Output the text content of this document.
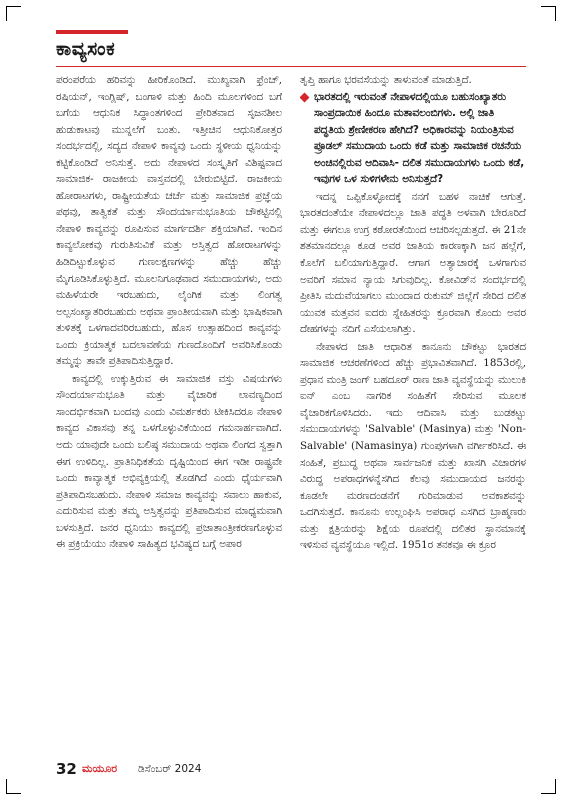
ಕಾವ್ಯಸಂಕ

ಪರಂಪರೆಯ ಹರಿವನ್ನು ಹೀರಿಕೊಂಡಿದೆ. ಮುಖ್ಯವಾಗಿ ಫ್ರೆಂಚ್, ರಷಿಯನ್, ಇಂಗ್ಲಿಷ್, ಬಂಗಾಳಿ ಮತ್ತು ಹಿಂದಿ ಮೂಲಗಳಿಂದ ಬಗೆ ಬಗೆಯ ಆಧುನಿಕ ಸಿದ್ಧಾಂತಗಳಿಂದ ಪ್ರೇರಿತವಾದ ಸೃಜನಶೀಲ ಹುಡುಕಾಟವು ಮುನ್ನಲೆಗೆ ಬಂತು. ಇತ್ತೀಚಿನ ಆಧುನಿಕೋತ್ತರ ಸಂದರ್ಭದಲ್ಲಿ, ಸದ್ಯದ ನೇಪಾಳಿ ಕಾವ್ಯವು ಒಂದು ಸ್ಥಳೀಯ ಧ್ವನಿಯನ್ನು ಕಟ್ಟಿಕೊಂಡಿದೆ ಅನಿಸುತ್ತೆ. ಅದು ನೇಪಾಳದ ಸಂಸ್ಕೃತಿಗೆ ವಿಶಿಷ್ಟವಾದ ಸಾಮಾಜಿಕ- ರಾಜಕೀಯ ವಾಸ್ತವದಲ್ಲಿ ಬೇರುಬಿಟ್ಟಿದೆ. ರಾಜಕೀಯ ಹೋರಾಟಗಳು, ರಾಷ್ಟ್ರೀಯತೆಯ ಚರ್ಚೆ ಮತ್ತು ಸಾಮಾಜಿಕ ಪ್ರಜ್ಞೆಯ ಪಥವು, ತಾತ್ವಿಕತೆ ಮತ್ತು ಸೌಂದರ್ಯಾನುಭೂತಿಯ ಚೌಕಟ್ಟಿನಲ್ಲಿ ನೇಪಾಳಿ ಕಾವ್ಯವನ್ನು ರೂಪಿಸುವ ಮಾರ್ಗದರ್ಶಿ ಶಕ್ತಿಯಾಗಿವೆ. ಇಂದಿನ ಕಾವ್ಯಲೋಕವು ಗುರುತಿಸುವಿಕೆ ಮತ್ತು ಅಸ್ತಿತ್ವದ ಹೋರಾಟಗಳನ್ನು ಹಿಡಿದಿಟ್ಟುಕೊಳ್ಳುವ ಗುಣಲಕ್ಷಣಗಳನ್ನು ಹೆಚ್ಚು ಹೆಚ್ಚು ಮೈಗೂಡಿಸಿಕೊಳ್ಳುತ್ತಿದೆ. ಮೂಲನಿಗೂಢವಾದ ಸಮುದಾಯಗಳು, ಅದು ಮಹಿಳೆಯರೇ ಇರಬಹುದು, ಲೈಂಗಿಕ ಮತ್ತು ಲಿಂಗತ್ವ ಅಲ್ಪಸಂಖ್ಯಾತರಿರಬಹುದು ಅಥವಾ ಪ್ರಾಂತೀಯವಾಗಿ ಮತ್ತು ಭಾಷಿಕವಾಗಿ ತುಳಿತಕ್ಕೆ ಒಳಗಾದವರಿರಬಹುದು, ಹೊಸ ಉತ್ಸಾಹದಿಂದ ಕಾವ್ಯವನ್ನು ಒಂದು ಕ್ರಿಯಾತ್ಮಕ ಬದಲಾವಣೆಯ ಗುಣದೊಂದಿಗೆ ಅವರಿಸಿಕೊಂಡು ತಮ್ಮನ್ನು ತಾವೇ ಪ್ರತಿಪಾದಿಸುತ್ತಿದ್ದಾರೆ.

ಕಾವ್ಯದಲ್ಲಿ ಉಕ್ಕುತ್ತಿರುವ ಈ ಸಾಮಾಜಿಕ ವಸ್ತು ವಿಷಯಗಳು ಸೌಂದರ್ಯಾನುಭೂತಿ ಮತ್ತು ವೈಚಾರಿಕ ಲಾವಣ್ಯದಿಂದ ಸಾಂದರ್ಭಿಕವಾಗಿ ಬಂದವು ಎಂದು ವಿಮರ್ಶಕರು ಟೀಕಿಸಿದರೂ ನೇಪಾಳಿ ಕಾವ್ಯದ ವಿಕಾಸವು ತನ್ನ ಒಳಗೊಳ್ಳುವಿಕೆಯಿಂದ ಗಮನಾರ್ಹವಾಗಿದೆ. ಅದು ಯಾವುದೇ ಒಂದು ಬಲಿಷ್ಠ ಸಮುದಾಯ ಅಥವಾ ಲಿಂಗದ ಸ್ವತ್ತಾಗಿ ಈಗ ಉಳಿದಿಲ್ಲ. ಪ್ರಾತಿನಿಧಿಕತೆಯ ದೃಷ್ಟಿಯಿಂದ ಈಗ ಇಡೀ ರಾಷ್ಟ್ರವೇ ಒಂದು ಕಾವ್ಯಾತ್ಮಕ ಅಭಿವ್ಯಕ್ತಿಯಲ್ಲಿ ತೊಡಗಿದೆ ಎಂದು ಧೈರ್ಯವಾಗಿ ಪ್ರತಿಪಾದಿಸಬಹುದು. ನೇಪಾಳಿ ಸಮಾಜ ಕಾವ್ಯವನ್ನು ಸವಾಲು ಹಾಕುವ, ಎದುರಿಸುವ ಮತ್ತು ತಮ್ಮ ಅಸ್ತಿತ್ವವನ್ನು ಪ್ರತಿಪಾದಿಸುವ ಮಾಧ್ಯಮವಾಗಿ ಬಳಸುತ್ತಿದೆ. ಜನರ ಧ್ವನಿಯು ಕಾವ್ಯದಲ್ಲಿ ಪ್ರಜಾತಾಂತ್ರೀಕರಣಗೊಳ್ಳುವ ಈ ಪ್ರಕ್ರಿಯೆಯು ನೇಪಾಳಿ ಸಾಹಿತ್ಯದ ಭವಿಷ್ಯದ ಬಗ್ಗೆ ಅಪಾರ

ತೃಪ್ತಿ ಹಾಗೂ ಭರವಸೆಯನ್ನು ತಾಳುವಂತೆ ಮಾಡುತ್ತಿದೆ.

ಭಾರತದಲ್ಲಿ ಇರುವಂತೆ ನೇಪಾಳದಲ್ಲಿಯೂ ಬಹುಸಂಖ್ಯಾತರು ಸಾಂಪ್ರದಾಯಿಕ ಹಿಂದೂ ಮತಾವಲಂಬಿಗಳು. ಅಲ್ಲಿ ಜಾತಿ ಪದ್ಧತಿಯ ಶ್ರೇಣೀಕರಣ ಹೇಗಿದೆ? ಅಧಿಕಾರವನ್ನು ನಿಯಂತ್ರಿಸುವ ಪ್ರೂಡಲ್ ಸಮುದಾಯ ಒಂದು ಕಡೆ ಮತ್ತು ಸಾಮಾಜಿಕ ರಚನೆಯ ಅಂಚಿನಲ್ಲಿರುವ ಆದಿವಾಸಿ- ದಲಿತ ಸಮುದಾಯಗಳು ಒಂದು ಕಡೆ, ಇವುಗಳ ಒಳ ಸುಳಿಗಳೇನು ಅನಿಸುತ್ತದೆ?

ಇದನ್ನ ಒಪ್ಪಿಕೊಳ್ಳೋದಕ್ಕೆ ನನಗೆ ಬಹಳ ನಾಚಿಕೆ ಆಗುತ್ತೆ. ಭಾರತದಂತೆಯೇ ನೇಪಾಳದಲ್ಲೂ ಜಾತಿ ಪದ್ಧತಿ ಅಳವಾಗಿ ಬೇರೂರಿದೆ ಮತ್ತು ಈಗಲೂ ಉಗ್ರ ಕಠೋರತೆಯಿಂದ ಆಚರಿಸಲ್ಪಡುತ್ತದೆ. ಈ 21ನೇ ಶತಮಾನದಲ್ಲೂ ಕೂಡ ಅವರ ಜಾತಿಯ ಕಾರಣಕ್ಕಾಗಿ ಜನ ಹಲ್ಲೆಗೆ, ಕೊಲೆಗೆ ಬಲಿಯಾಗುತ್ತಿದ್ದಾರೆ. ಆಗಾಗ ಅತ್ಯಾಚಾರಕ್ಕೆ ಒಳಗಾಗುವ ಅವರಿಗೆ ಸಮಾನ ನ್ಯಾಯ ಸಿಗುವುದಿಲ್ಲ. ಕೋವಿಡ್‌ನ ಸಂದರ್ಭದಲ್ಲಿ ಪ್ರೀತಿಸಿ ಮದುವೆಯಾಗಲು ಮುಂದಾದ ರುಕುಮ್ ಜಿಲ್ಲೆಗೆ ಸೇರಿದ ದಲಿತ ಯುವಕ ಮತ್ತವನ ಐದರು ಸ್ನೇಹಿತರನ್ನು ಕ್ರೂರವಾಗಿ ಕೊಂದು ಅವರ ದೇಹಗಳನ್ನು ನದಿಗೆ ಎಸೆಯಲಾಗಿತ್ತು.

ನೇಪಾಳದ ಜಾತಿ ಆಧಾರಿತ ಕಾನೂನು ಚೌಕಟ್ಟು ಭಾರತದ ಸಾಮಾಜಿಕ ಆಚರಣೆಗಳಿಂದ ಹೆಚ್ಚು ಪ್ರಭಾವಿತವಾಗಿದೆ. 1853ರಲ್ಲಿ, ಪ್ರಧಾನ ಮಂತ್ರಿ ಜಂಗ್ ಬಹದೂರ್ ರಾಣ ಜಾತಿ ವ್ಯವಸ್ಥೆಯನ್ನು ಮುಲುಕಿ ಐನ್ ಎಂಬ ನಾಗರಿಕ ಸಂಹಿತೆಗೆ ಸೇರಿಸುವ ಮೂಲಕ ವೈಚಾರಿಕಗೊಳಿಸಿದರು. ಇದು ಆದಿವಾಸಿ ಮತ್ತು ಬುಡಕಟ್ಟು ಸಮುದಾಯಗಳನ್ನು 'Salvable' (Masinya) ಮತ್ತು 'Non-Salvable' (Namasinya) ಗುಂಪುಗಳಾಗಿ ವರ್ಗೀಕರಿಸಿದೆ. ಈ ಸಂಹಿತೆ, ಪ್ರಬುದ್ಧ ಅಥವಾ ಸಾರ್ವಜನಿಕ ಮತ್ತು ಖಾಸಗಿ ವಿಚಾರಗಳ ವಿರುದ್ಧ ಅಪರಾಧಗಳನ್ನೆಸಗಿದ ಕೆಲವು ಸಮುದಾಯದ ಜನರನ್ನು ಕೂಡಲೇ ಮರಣದಂಡನೆಗೆ ಗುರಿಮಾಡುವ ಅವಕಾಶವನ್ನು ಒದಗಿಸುತ್ತದೆ. ಕಾನೂನು ಉಲ್ಲಂಘಿಸಿ ಅಪರಾಧ ಎಸಗಿದ ಬ್ರಾಹ್ಮಣರು ಮತ್ತು ಕ್ಷತ್ರಿಯರನ್ನು ಶಿಕ್ಷೆಯ ರೂಪದಲ್ಲಿ ದಲಿತರ ಸ್ಥಾನಮಾನಕ್ಕೆ ಇಳಿಸುವ ವ್ಯವಸ್ಥೆಯೂ ಇಲ್ಲಿದೆ. 1951ರ ತನಕವೂ ಈ ಕ್ರೂರ

32 ಮಯೂರ ಡಿಸೆಂಬರ್ 2024
